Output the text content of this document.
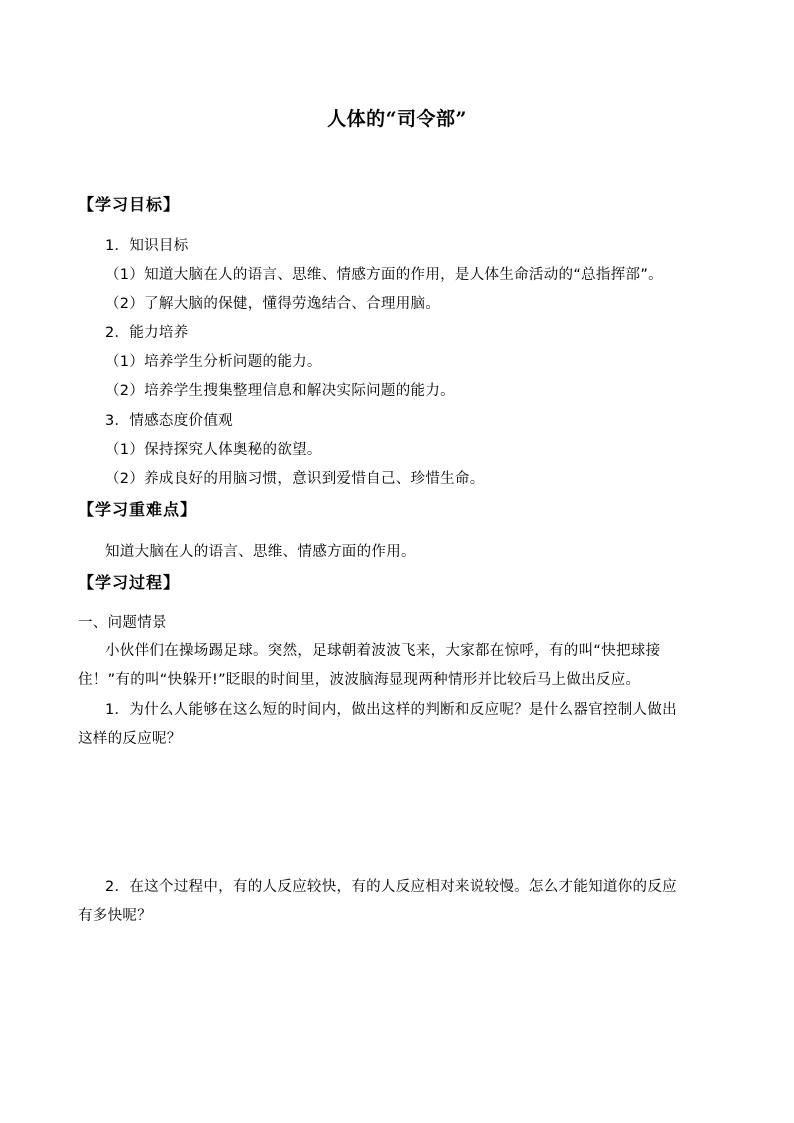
人体的“司令部”
【学习目标】
1．知识目标
（1）知道大脑在人的语言、思维、情感方面的作用，是人体生命活动的“总指挥部”。
（2）了解大脑的保健，懂得劳逸结合、合理用脑。
2．能力培养
（1）培养学生分析问题的能力。
（2）培养学生搜集整理信息和解决实际问题的能力。
3．情感态度价值观
（1）保持探究人体奥秘的欲望。
（2）养成良好的用脑习惯，意识到爱惜自己、珍惜生命。
【学习重难点】
知道大脑在人的语言、思维、情感方面的作用。
【学习过程】
一、问题情景
小伙伴们在操场踢足球。突然，足球朝着波波飞来，大家都在惊呼，有的叫“快把球接
住！”有的叫“快躲开!”眨眼的时间里，波波脑海显现两种情形并比较后马上做出反应。
1．为什么人能够在这么短的时间内，做出这样的判断和反应呢？是什么器官控制人做出
这样的反应呢？
2．在这个过程中，有的人反应较快，有的人反应相对来说较慢。怎么才能知道你的反应
有多快呢？
